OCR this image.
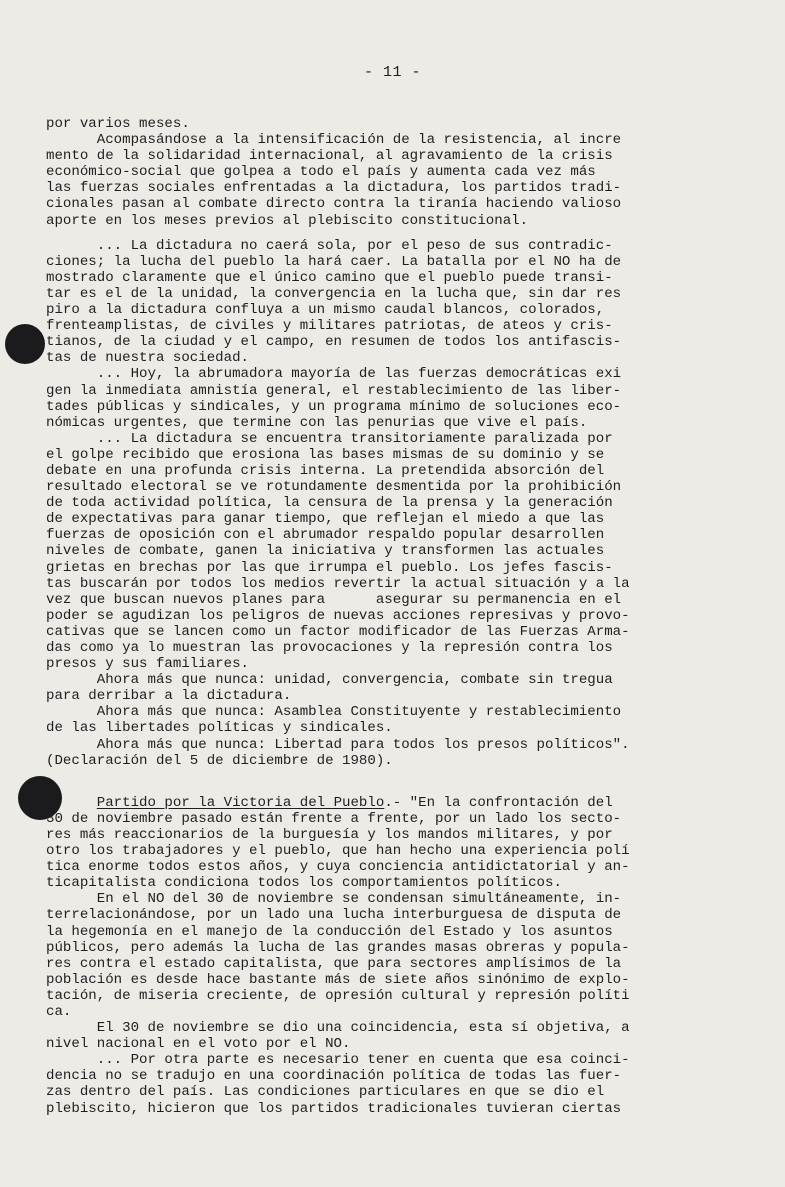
- 11 -
por varios meses.
Acompasándose a la intensificación de la resistencia, al incre
mento de la solidaridad internacional, al agravamiento de la crisis
económico-social que golpea a todo el país y aumenta cada vez más
las fuerzas sociales enfrentadas a la dictadura, los partidos tradi-
cionales pasan al combate directo contra la tiranía haciendo valioso
aporte en los meses previos al plebiscito constitucional.
... La dictadura no caerá sola, por el peso de sus contradic-
ciones; la lucha del pueblo la hará caer. La batalla por el NO ha de
mostrado claramente que el único camino que el pueblo puede transi-
tar es el de la unidad, la convergencia en la lucha que, sin dar res
piro a la dictadura confluya a un mismo caudal blancos, colorados,
frenteamplistas, de civiles y militares patriotas, de ateos y cris-
tianos, de la ciudad y el campo, en resumen de todos los antifascis-
tas de nuestra sociedad.
... Hoy, la abrumadora mayoría de las fuerzas democráticas exi
gen la inmediata amnistía general, el restablecimiento de las liber-
tades públicas y sindicales, y un programa mínimo de soluciones eco-
nómicas urgentes, que termine con las penurias que vive el país.
... La dictadura se encuentra transitoriamente paralizada por
el golpe recibido que erosiona las bases mismas de su dominio y se
debate en una profunda crisis interna. La pretendida absorción del
resultado electoral se ve rotundamente desmentida por la prohibición
de toda actividad política, la censura de la prensa y la generación
de expectativas para ganar tiempo, que reflejan el miedo a que las
fuerzas de oposición con el abrumador respaldo popular desarrollen
niveles de combate, ganen la iniciativa y transformen las actuales
grietas en brechas por las que irrumpa el pueblo. Los jefes fascis-
tas buscarán por todos los medios revertir la actual situación y a la
vez que buscan nuevos planes para      asegurar su permanencia en el
poder se agudizan los peligros de nuevas acciones represivas y provo-
cativas que se lancen como un factor modificador de las Fuerzas Arma-
das como ya lo muestran las provocaciones y la represión contra los
presos y sus familiares.
Ahora más que nunca: unidad, convergencia, combate sin tregua
para derribar a la dictadura.
Ahora más que nunca: Asamblea Constituyente y restablecimiento
de las libertades políticas y sindicales.
Ahora más que nunca: Libertad para todos los presos políticos".
(Declaración del 5 de diciembre de 1980).
Partido por la Victoria del Pueblo.- "En la confrontación del
30 de noviembre pasado están frente a frente, por un lado los secto-
res más reaccionarios de la burguesía y los mandos militares, y por
otro los trabajadores y el pueblo, que han hecho una experiencia polí
tica enorme todos estos años, y cuya conciencia antidictatorial y an-
ticapitalista condiciona todos los comportamientos políticos.
En el NO del 30 de noviembre se condensan simultáneamente, in-
terrelacionándose, por un lado una lucha interburguesa de disputa de
la hegemonía en el manejo de la conducción del Estado y los asuntos
públicos, pero además la lucha de las grandes masas obreras y popula-
res contra el estado capitalista, que para sectores amplísimos de la
población es desde hace bastante más de siete años sinónimo de explo-
tación, de miseria creciente, de opresión cultural y represión políti
ca.
El 30 de noviembre se dio una coincidencia, esta sí objetiva, a
nivel nacional en el voto por el NO.
... Por otra parte es necesario tener en cuenta que esa coinci-
dencia no se tradujo en una coordinación política de todas las fuer-
zas dentro del país. Las condiciones particulares en que se dio el
plebiscito, hicieron que los partidos tradicionales tuvieran ciertas
